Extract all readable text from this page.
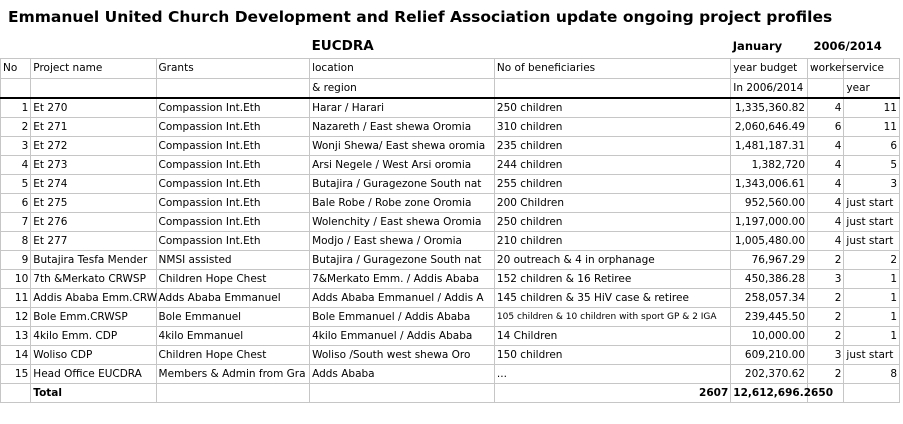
Emmanuel United Church Development and Relief Association update ongoing project profiles
			EUCDRA		January	2006/2014	
No	Project name	Grants	location	No of beneficiaries	year budget	worker	service
			& region		In 2006/2014		year
1	Et 270	Compassion Int.Eth	Harar / Harari	250 children	1,335,360.82	4	11
2	Et 271	Compassion Int.Eth	Nazareth / East shewa Oromia	310 children	2,060,646.49	6	11
3	Et 272	Compassion Int.Eth	Wonji Shewa/ East shewa oromia	235 children	1,481,187.31	4	6
4	Et 273	Compassion Int.Eth	Arsi Negele / West Arsi oromia	244 children	1,382,720	4	5
5	Et 274	Compassion Int.Eth	Butajira / Guragezone South nat	255 children	1,343,006.61	4	3
6	Et 275	Compassion Int.Eth	Bale Robe / Robe zone Oromia	200 Children	952,560.00	4	just start
7	Et 276	Compassion Int.Eth	Wolenchity / East shewa Oromia	250 children	1,197,000.00	4	just start
8	Et 277	Compassion Int.Eth	Modjo / East shewa / Oromia	210 children	1,005,480.00	4	just start
9	Butajira Tesfa Mender	NMSI assisted	Butajira / Guragezone South nat	20 outreach & 4 in orphanage	76,967.29	2	2
10	7th &Merkato CRWSP	Children Hope Chest	7&Merkato Emm. / Addis Ababa	152 children & 16 Retiree	450,386.28	3	1
11	Addis Ababa Emm.CRW	Adds Ababa Emmanuel	Adds Ababa Emmanuel / Addis A	145 children & 35 HiV case & retiree	258,057.34	2	1
12	Bole Emm.CRWSP	Bole Emmanuel	Bole Emmanuel / Addis Ababa	105 children & 10 children with sport GP & 2 IGA	239,445.50	2	1
13	4kilo Emm. CDP	4kilo Emmanuel	4kilo Emmanuel / Addis Ababa	14 Children	10,000.00	2	1
14	Woliso CDP	Children Hope Chest	Woliso /South west shewa Oro	150 children	609,210.00	3	just start
15	Head Office EUCDRA	Members & Admin from Gra	Adds Ababa	...	202,370.62	2	8
	Total			2607	12,612,696.26	50	
